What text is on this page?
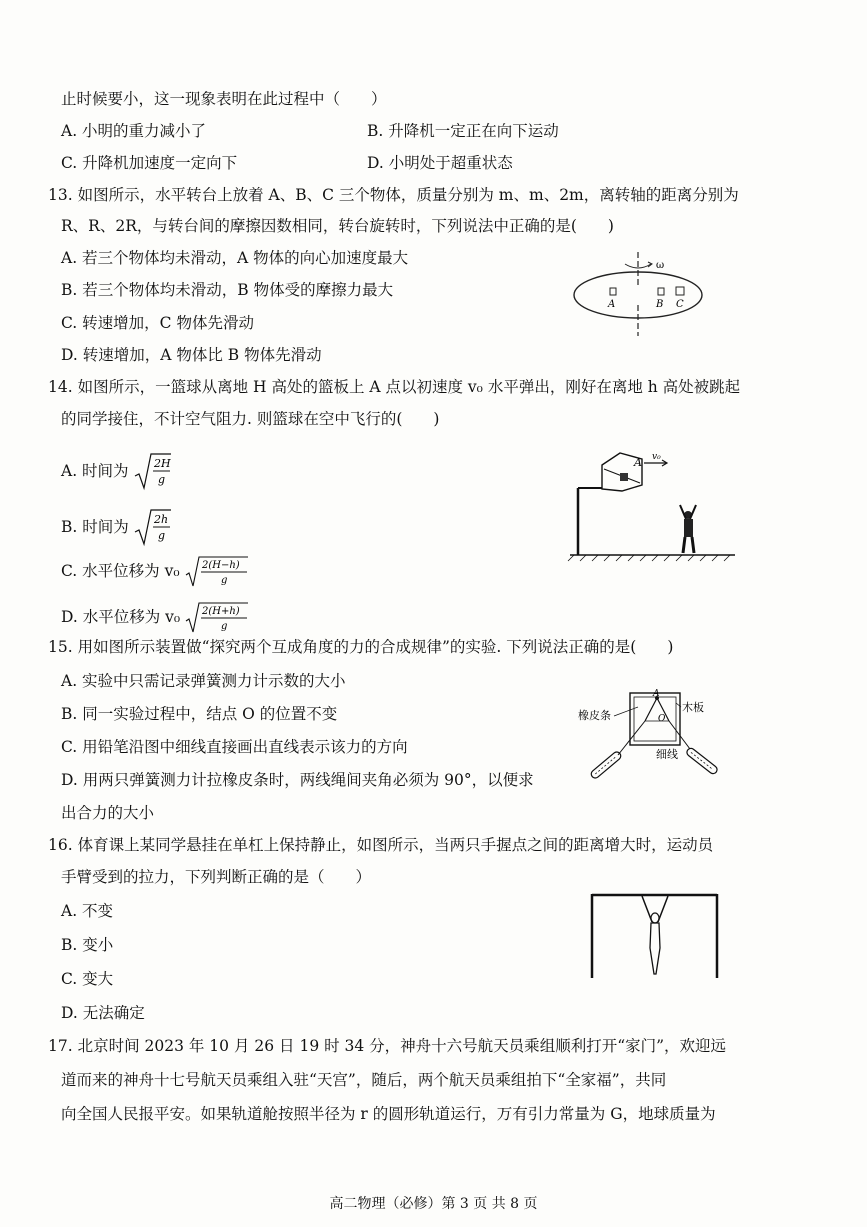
止时候要小，这一现象表明在此过程中（　　）
A. 小明的重力减小了	B. 升降机一定正在向下运动
C. 升降机加速度一定向下	D. 小明处于超重状态
13. 如图所示，水平转台上放着 A、B、C 三个物体，质量分别为 m、m、2m，离转轴的距离分别为
R、R、2R，与转台间的摩擦因数相同，转台旋转时，下列说法中正确的是(　　)
A. 若三个物体均未滑动，A 物体的向心加速度最大
B. 若三个物体均未滑动，B 物体受的摩擦力最大
C. 转速增加，C 物体先滑动
D. 转速增加，A 物体比 B 物体先滑动
ω
A	B C
14. 如图所示，一篮球从离地 H 高处的篮板上 A 点以初速度 v₀ 水平弹出，刚好在离地 h 高处被跳起
的同学接住，不计空气阻力. 则篮球在空中飞行的(　　)
A. 时间为 2H
g
B. 时间为 2h
g
C. 水平位移为 v₀ 2(H−h)
g
D. 水平位移为 v₀ 2(H+h)
g
A v₀
15. 用如图所示装置做“探究两个互成角度的力的合成规律”的实验. 下列说法正确的是(　　)
A. 实验中只需记录弹簧测力计示数的大小
B. 同一实验过程中，结点 O 的位置不变
C. 用铅笔沿图中细线直接画出直线表示该力的方向
D. 用两只弹簧测力计拉橡皮条时，两线绳间夹角必须为 90°，以便求
出合力的大小
A
O
橡皮条
木板
细线
16. 体育课上某同学悬挂在单杠上保持静止，如图所示，当两只手握点之间的距离增大时，运动员
手臂受到的拉力，下列判断正确的是（　　）
A. 不变
B. 变小
C. 变大
D. 无法确定
17. 北京时间 2023 年 10 月 26 日 19 时 34 分，神舟十六号航天员乘组顺利打开“家门”，欢迎远
道而来的神舟十七号航天员乘组入驻“天宫”，随后，两个航天员乘组拍下“全家福”，共同
向全国人民报平安。如果轨道舱按照半径为 r 的圆形轨道运行，万有引力常量为 G，地球质量为
高二物理（必修）第 3 页 共 8 页
